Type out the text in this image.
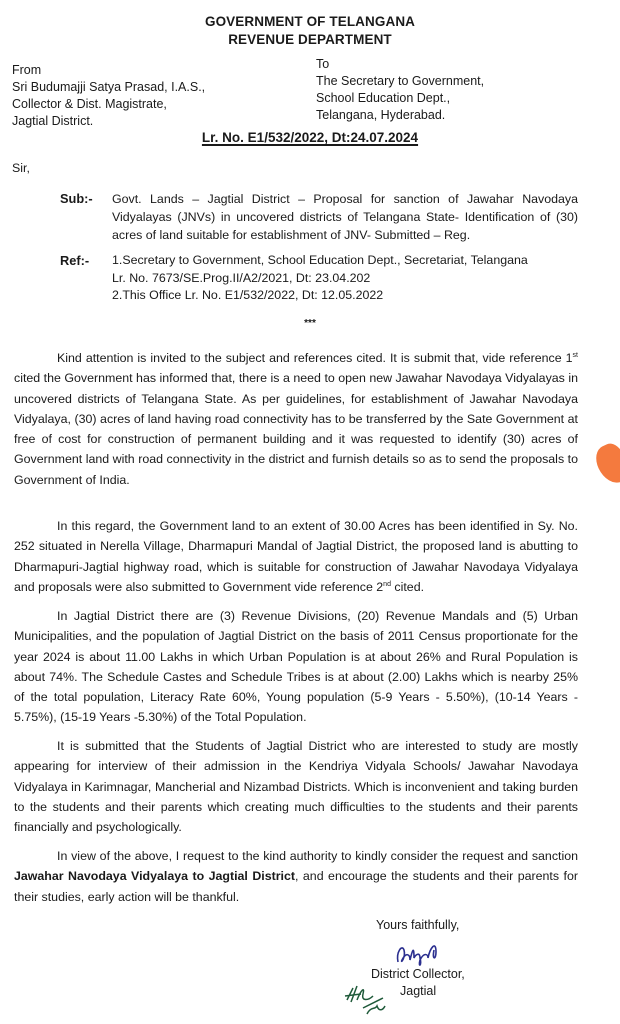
GOVERNMENT OF TELANGANA
REVENUE DEPARTMENT
From
Sri Budumajji Satya Prasad, I.A.S.,
Collector & Dist. Magistrate,
Jagtial District.
To
The Secretary to Government,
School Education Dept.,
Telangana, Hyderabad.
Lr. No. E1/532/2022, Dt:24.07.2024
Sir,
Sub:- Govt. Lands – Jagtial District – Proposal for sanction of Jawahar Navodaya Vidyalayas (JNVs) in uncovered districts of Telangana State- Identification of (30) acres of land suitable for establishment of JNV- Submitted – Reg.
Ref:- 1.Secretary to Government, School Education Dept., Secretariat, Telangana
Lr. No. 7673/SE.Prog.II/A2/2021, Dt: 23.04.202
2.This Office Lr. No. E1/532/2022, Dt: 12.05.2022
***
Kind attention is invited to the subject and references cited. It is submit that, vide reference 1st cited the Government has informed that, there is a need to open new Jawahar Navodaya Vidyalayas in uncovered districts of Telangana State. As per guidelines, for establishment of Jawahar Navodaya Vidyalaya, (30) acres of land having road connectivity has to be transferred by the Sate Government at free of cost for construction of permanent building and it was requested to identify (30) acres of Government land with road connectivity in the district and furnish details so as to send the proposals to Government of India.
In this regard, the Government land to an extent of 30.00 Acres has been identified in Sy. No. 252 situated in Nerella Village, Dharmapuri Mandal of Jagtial District, the proposed land is abutting to Dharmapuri-Jagtial highway road, which is suitable for construction of Jawahar Navodaya Vidyalaya and proposals were also submitted to Government vide reference 2nd cited.
In Jagtial District there are (3) Revenue Divisions, (20) Revenue Mandals and (5) Urban Municipalities, and the population of Jagtial District on the basis of 2011 Census proportionate for the year 2024 is about 11.00 Lakhs in which Urban Population is at about 26% and Rural Population is about 74%. The Schedule Castes and Schedule Tribes is at about (2.00) Lakhs which is nearby 25% of the total population, Literacy Rate 60%, Young population (5-9 Years - 5.50%), (10-14 Years - 5.75%), (15-19 Years -5.30%) of the Total Population.
It is submitted that the Students of Jagtial District who are interested to study are mostly appearing for interview of their admission in the Kendriya Vidyala Schools/ Jawahar Navodaya Vidyalaya in Karimnagar, Mancherial and Nizambad Districts. Which is inconvenient and taking burden to the students and their parents which creating much difficulties to the students and their parents financially and psychologically.
In view of the above, I request to the kind authority to kindly consider the request and sanction Jawahar Navodaya Vidyalaya to Jagtial District, and encourage the students and their parents for their studies, early action will be thankful.
Yours faithfully,
District Collector,
Jagtial
